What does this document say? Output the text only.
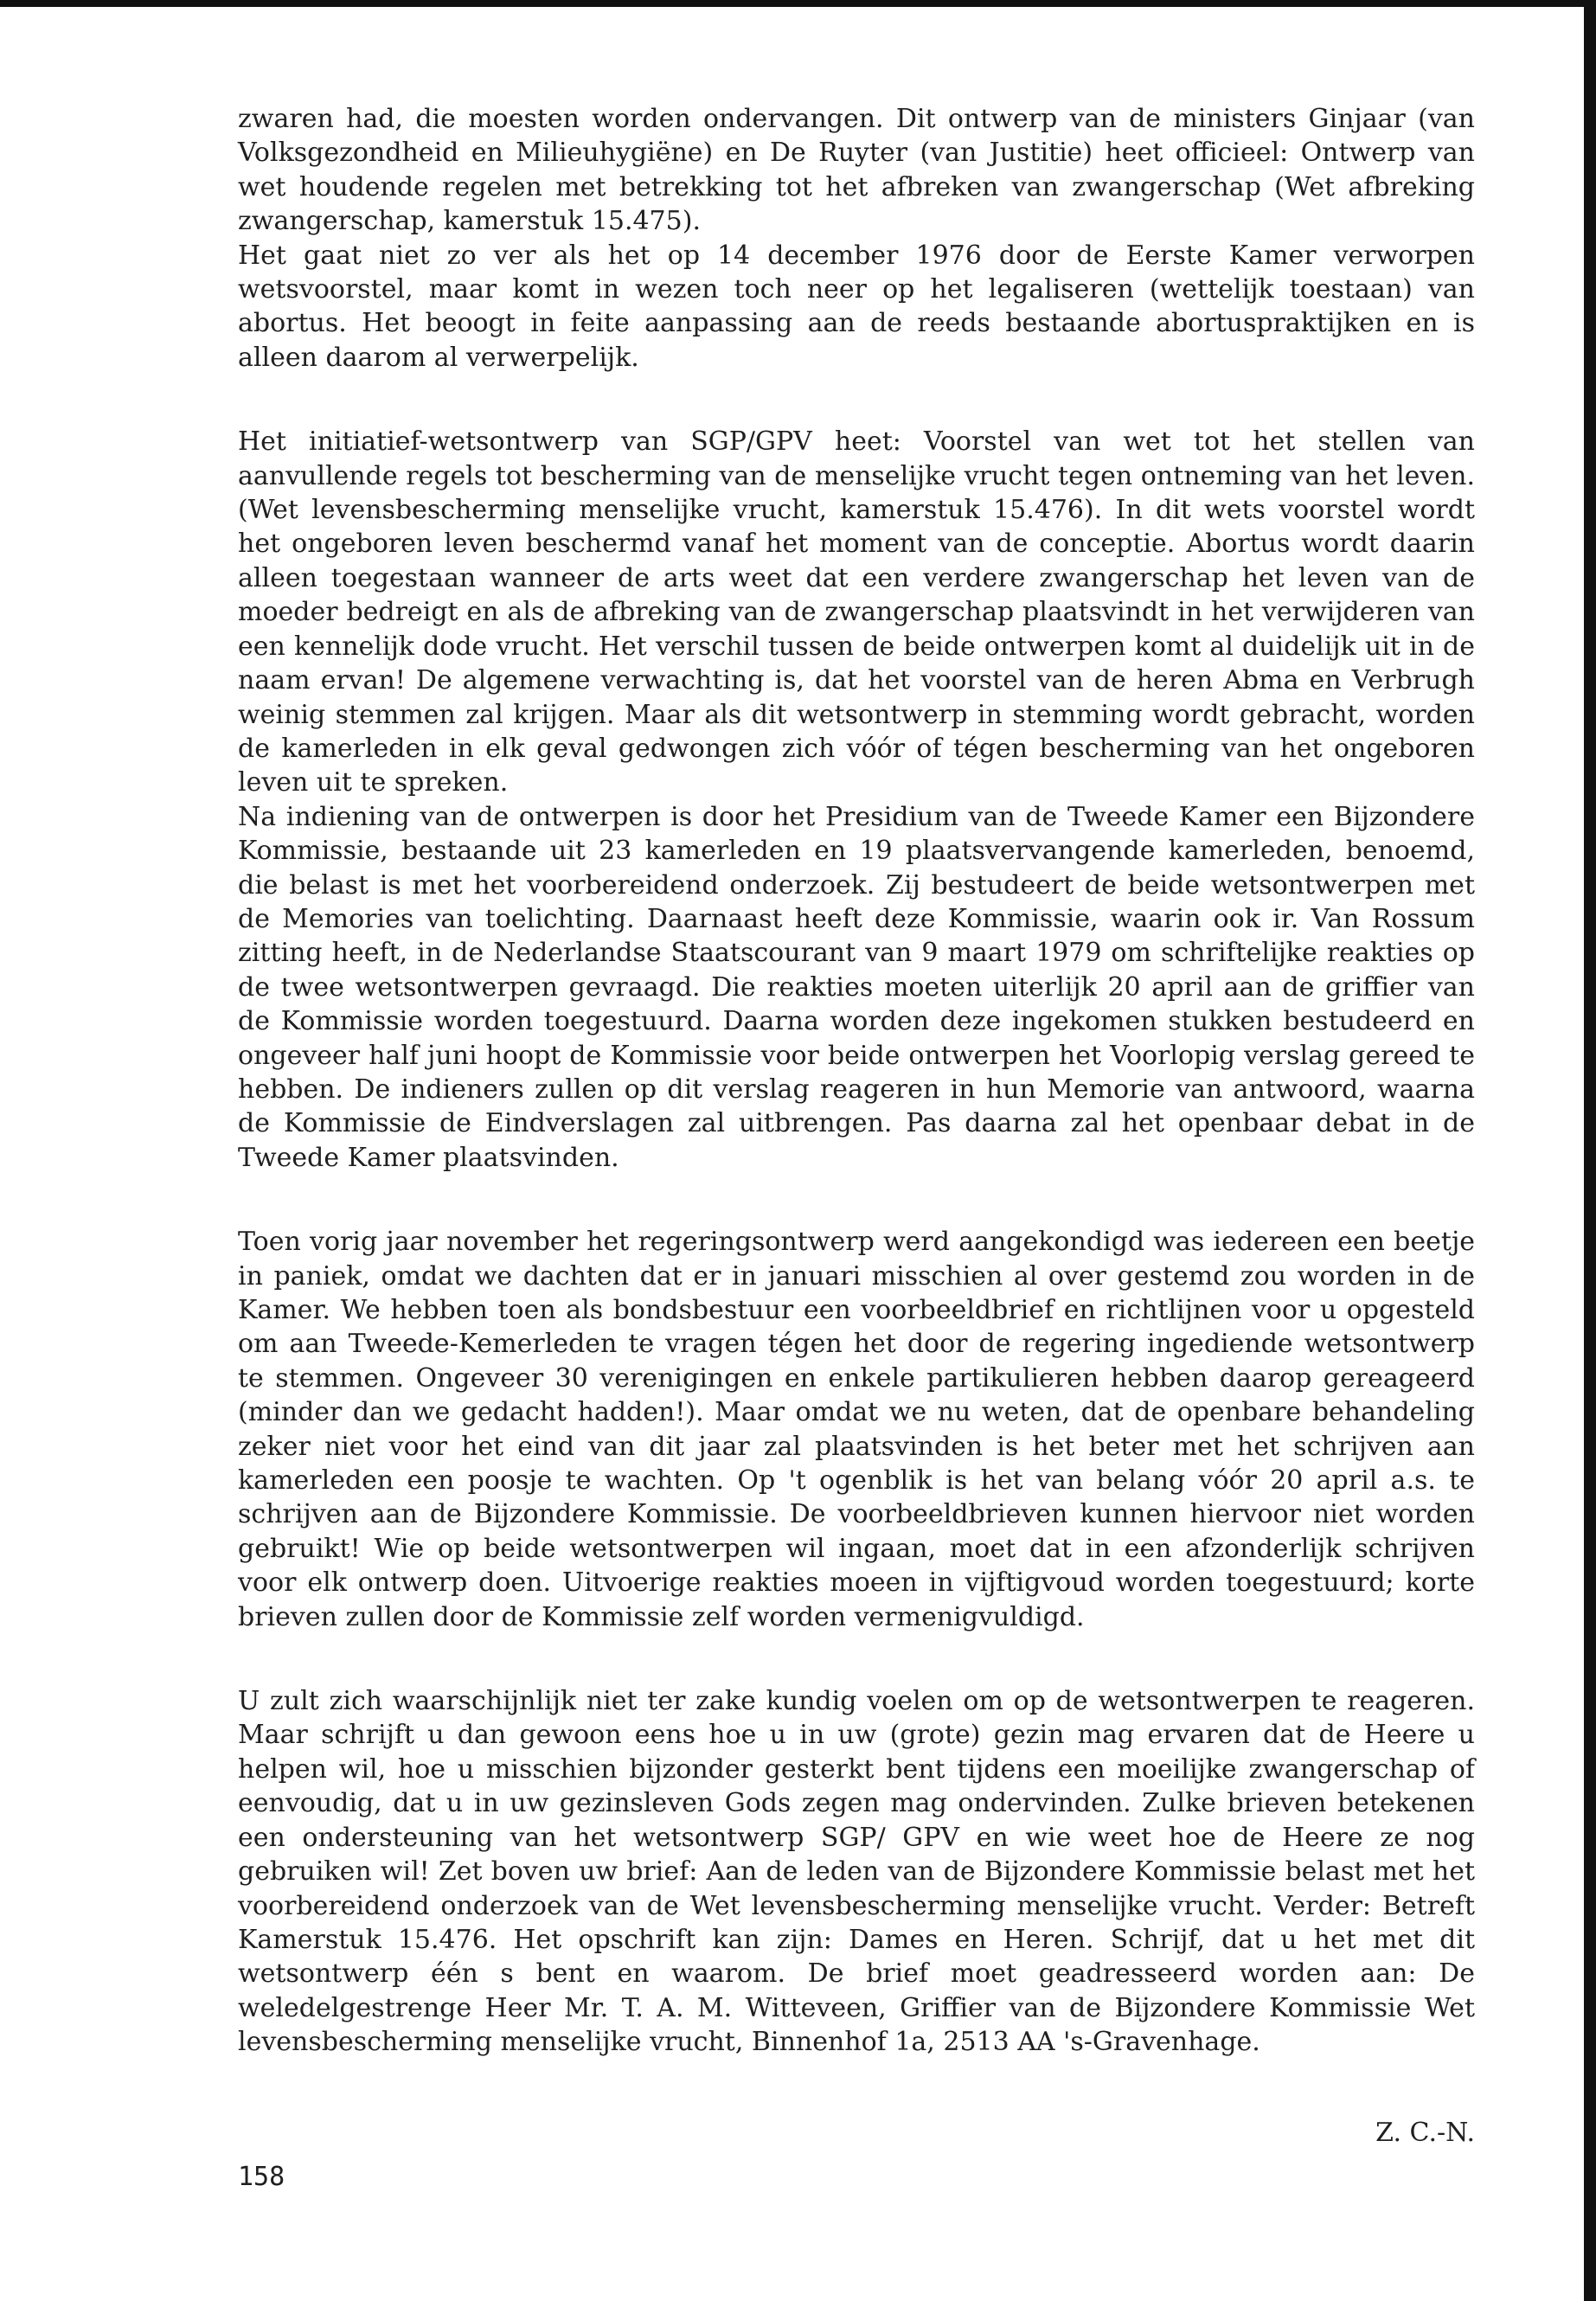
zwaren had, die moesten worden ondervangen. Dit ontwerp van de ministers Ginjaar (van Volksgezondheid en Milieuhygiëne) en De Ruyter (van Justitie) heet officieel: Ontwerp van wet houdende regelen met betrekking tot het afbreken van zwangerschap (Wet afbreking zwangerschap, kamerstuk 15.475).

Het gaat niet zo ver als het op 14 december 1976 door de Eerste Kamer verworpen wetsvoorstel, maar komt in wezen toch neer op het legaliseren (wettelijk toestaan) van abortus. Het beoogt in feite aanpassing aan de reeds bestaande abortuspraktijken en is alleen daarom al verwerpelijk.

Het initiatief-wetsontwerp van SGP/GPV heet: Voorstel van wet tot het stellen van aanvullende regels tot bescherming van de menselijke vrucht tegen ontneming van het leven. (Wet levensbescherming menselijke vrucht, kamerstuk 15.476). In dit wets voorstel wordt het ongeboren leven beschermd vanaf het moment van de conceptie. Abortus wordt daarin alleen toegestaan wanneer de arts weet dat een verdere zwangerschap het leven van de moeder bedreigt en als de afbreking van de zwangerschap plaatsvindt in het verwijderen van een kennelijk dode vrucht. Het verschil tussen de beide ontwerpen komt al duidelijk uit in de naam ervan! De algemene verwachting is, dat het voorstel van de heren Abma en Verbrugh weinig stemmen zal krijgen. Maar als dit wetsontwerp in stemming wordt gebracht, worden de kamerleden in elk geval gedwongen zich vóór of tégen bescherming van het ongeboren leven uit te spreken.

Na indiening van de ontwerpen is door het Presidium van de Tweede Kamer een Bijzondere Kommissie, bestaande uit 23 kamerleden en 19 plaatsvervangende kamerleden, benoemd, die belast is met het voorbereidend onderzoek. Zij bestudeert de beide wetsontwerpen met de Memories van toelichting. Daarnaast heeft deze Kommissie, waarin ook ir. Van Rossum zitting heeft, in de Nederlandse Staatscourant van 9 maart 1979 om schriftelijke reakties op de twee wetsontwerpen gevraagd. Die reakties moeten uiterlijk 20 april aan de griffier van de Kommissie worden toegestuurd. Daarna worden deze ingekomen stukken bestudeerd en ongeveer half juni hoopt de Kommissie voor beide ontwerpen het Voorlopig verslag gereed te hebben. De indieners zullen op dit verslag reageren in hun Memorie van antwoord, waarna de Kommissie de Eindverslagen zal uitbrengen. Pas daarna zal het openbaar debat in de Tweede Kamer plaatsvinden.

Toen vorig jaar november het regeringsontwerp werd aangekondigd was iedereen een beetje in paniek, omdat we dachten dat er in januari misschien al over gestemd zou worden in de Kamer. We hebben toen als bondsbestuur een voorbeeldbrief en richtlijnen voor u opgesteld om aan Tweede-Kemerleden te vragen tégen het door de regering ingediende wetsontwerp te stemmen. Ongeveer 30 verenigingen en enkele partikulieren hebben daarop gereageerd (minder dan we gedacht hadden!). Maar omdat we nu weten, dat de openbare behandeling zeker niet voor het eind van dit jaar zal plaatsvinden is het beter met het schrijven aan kamerleden een poosje te wachten. Op 't ogenblik is het van belang vóór 20 april a.s. te schrijven aan de Bijzondere Kommissie. De voorbeeldbrieven kunnen hiervoor niet worden gebruikt! Wie op beide wetsontwerpen wil ingaan, moet dat in een afzonderlijk schrijven voor elk ontwerp doen. Uitvoerige reakties moeen in vijftigvoud worden toegestuurd; korte brieven zullen door de Kommissie zelf worden vermenigvuldigd.

U zult zich waarschijnlijk niet ter zake kundig voelen om op de wetsontwerpen te reageren. Maar schrijft u dan gewoon eens hoe u in uw (grote) gezin mag ervaren dat de Heere u helpen wil, hoe u misschien bijzonder gesterkt bent tijdens een moeilijke zwangerschap of eenvoudig, dat u in uw gezinsleven Gods zegen mag ondervinden. Zulke brieven betekenen een ondersteuning van het wetsontwerp SGP/ GPV en wie weet hoe de Heere ze nog gebruiken wil! Zet boven uw brief: Aan de leden van de Bijzondere Kommissie belast met het voorbereidend onderzoek van de Wet levensbescherming menselijke vrucht. Verder: Betreft Kamerstuk 15.476. Het opschrift kan zijn: Dames en Heren. Schrijf, dat u het met dit wetsontwerp één s bent en waarom. De brief moet geadresseerd worden aan: De weledelgestrenge Heer Mr. T. A. M. Witteveen, Griffier van de Bijzondere Kommissie Wet levensbescherming menselijke vrucht, Binnenhof 1a, 2513 AA 's-Gravenhage.

Z. C.-N.
158
